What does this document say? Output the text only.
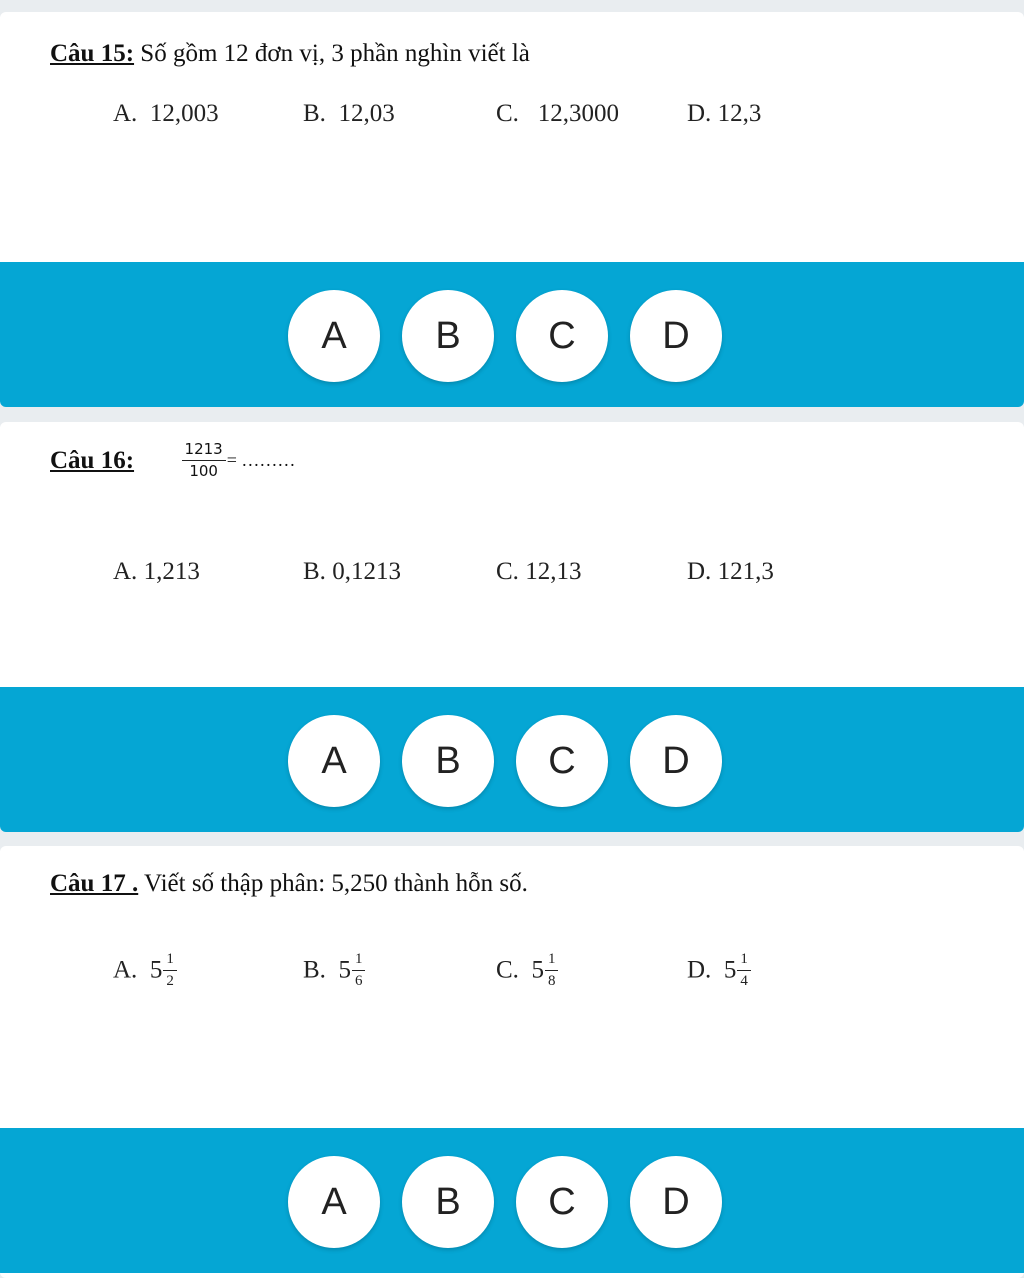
Câu 15: Số gồm 12 đơn vị, 3 phần nghìn viết là
A. 12,003	B. 12,03	C. 12,3000	D. 12,3
A	B	C	D
Câu 16:	$\frac{1213}{100}$ = ………
A. 1,213	B. 0,1213	C. 12,13	D. 121,3
A	B	C	D
Câu 17 . Viết số thập phân: 5,250 thành hỗn số.
A. $5 \frac{1}{2}$	B. $5 \frac{1}{6}$	C. $5 \frac{1}{8}$	D. $5 \frac{1}{4}$
A	B	C	D
